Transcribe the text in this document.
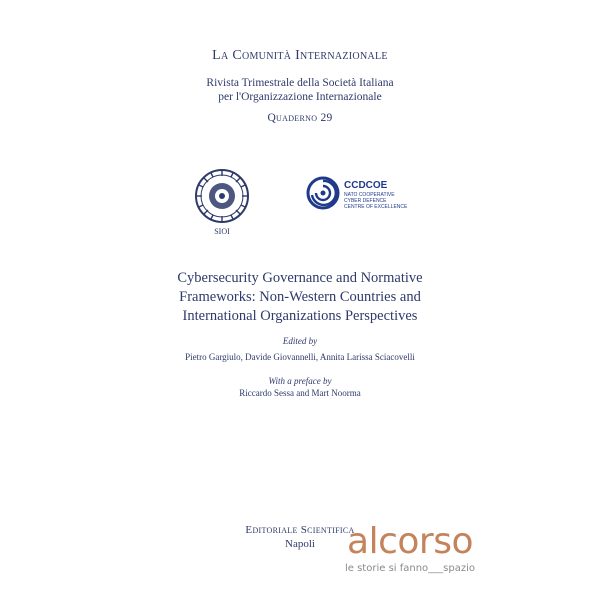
La Comunità Internazionale
Rivista Trimestrale della Società Italiana
per l'Organizzazione Internazionale
Quaderno 29
SIOI
CCDCOE
NATO COOPERATIVE
CYBER DEFENCE
CENTRE OF EXCELLENCE
Cybersecurity Governance and Normative
Frameworks: Non-Western Countries and
International Organizations Perspectives
Edited by
Pietro Gargiulo, Davide Giovannelli, Annita Larissa Sciacovelli
With a preface by
Riccardo Sessa and Mart Noorma
Editoriale Scientifica
Napoli alcorso
le storie si fanno___spazio
